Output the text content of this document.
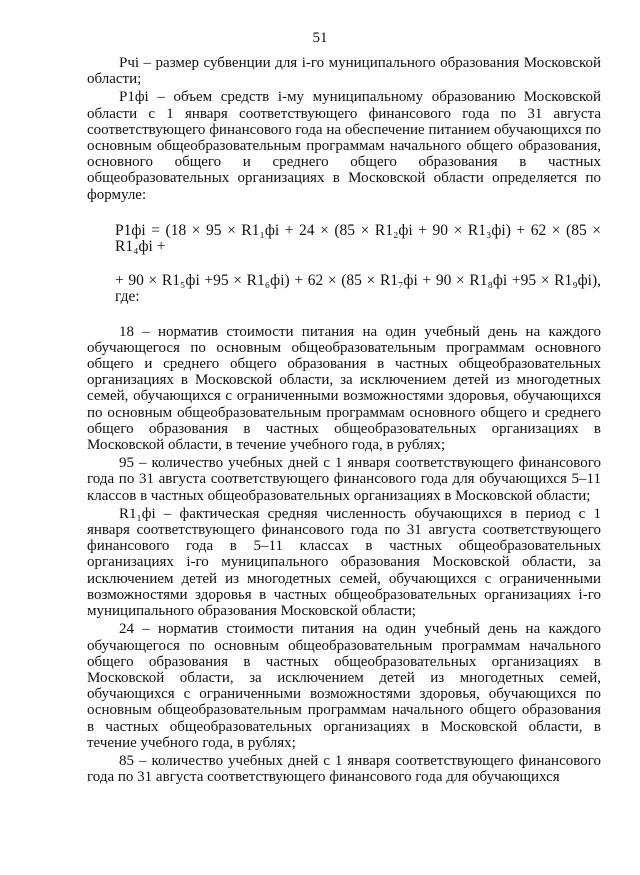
51

Pчi – размер субвенции для i-го муниципального образования Московской области;

P1фi – объем средств i-му муниципальному образованию Московской области с 1 января соответствующего финансового года по 31 августа соответствующего финансового года на обеспечение питанием обучающихся по основным общеобразовательным программам начального общего образования, основного общего и среднего общего образования в частных общеобразовательных организациях в Московской области определяется по формуле:

P1фi = (18 × 95 × R1₁фi + 24 × (85 × R1₂фi + 90 × R1₃фi) + 62 × (85 × R1₄фi +

+ 90 × R1₅фi +95 × R1₆фi) + 62 × (85 × R1₇фi + 90 × R1₈фi +95 × R1₉фi), где:

18 – норматив стоимости питания на один учебный день на каждого обучающегося по основным общеобразовательным программам основного общего и среднего общего образования в частных общеобразовательных организациях в Московской области, за исключением детей из многодетных семей, обучающихся с ограниченными возможностями здоровья, обучающихся по основным общеобразовательным программам основного общего и среднего общего образования в частных общеобразовательных организациях в Московской области, в течение учебного года, в рублях;

95 – количество учебных дней с 1 января соответствующего финансового года по 31 августа соответствующего финансового года для обучающихся 5–11 классов в частных общеобразовательных организациях в Московской области;

R1₁фi – фактическая средняя численность обучающихся в период с 1 января соответствующего финансового года по 31 августа соответствующего финансового года в 5–11 классах в частных общеобразовательных организациях i-го муниципального образования Московской области, за исключением детей из многодетных семей, обучающихся с ограниченными возможностями здоровья в частных общеобразовательных организациях i-го муниципального образования Московской области;

24 – норматив стоимости питания на один учебный день на каждого обучающегося по основным общеобразовательным программам начального общего образования в частных общеобразовательных организациях в Московской области, за исключением детей из многодетных семей, обучающихся с ограниченными возможностями здоровья, обучающихся по основным общеобразовательным программам начального общего образования в частных общеобразовательных организациях в Московской области, в течение учебного года, в рублях;

85 – количество учебных дней с 1 января соответствующего финансового года по 31 августа соответствующего финансового года для обучающихся
